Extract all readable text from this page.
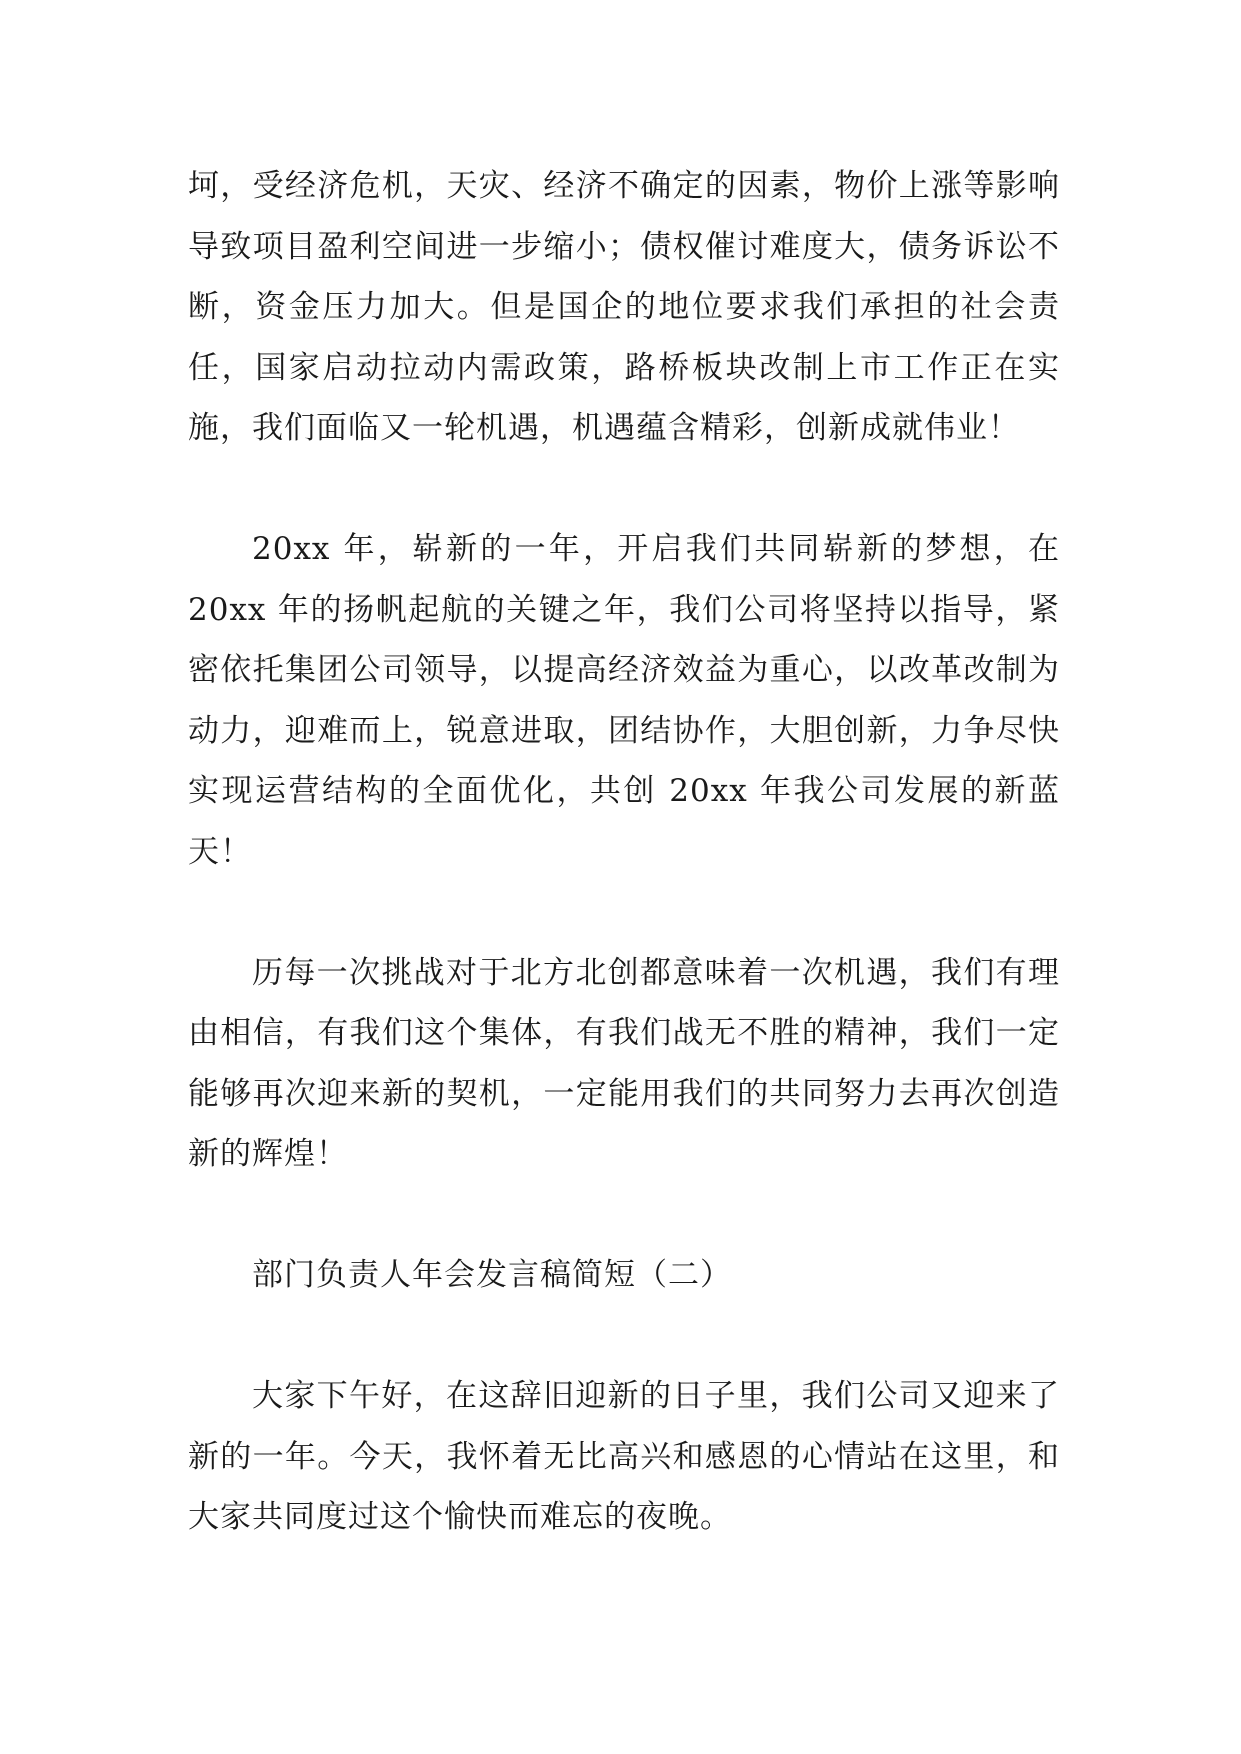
坷，受经济危机，天灾、经济不确定的因素，物价上涨等影响导致项目盈利空间进一步缩小；债权催讨难度大，债务诉讼不断，资金压力加大。但是国企的地位要求我们承担的社会责任，国家启动拉动内需政策，路桥板块改制上市工作正在实施，我们面临又一轮机遇，机遇蕴含精彩，创新成就伟业！

20xx 年，崭新的一年，开启我们共同崭新的梦想，在20xx 年的扬帆起航的关键之年，我们公司将坚持以指导，紧密依托集团公司领导，以提高经济效益为重心，以改革改制为动力，迎难而上，锐意进取，团结协作，大胆创新，力争尽快实现运营结构的全面优化，共创 20xx 年我公司发展的新蓝天！

历每一次挑战对于北方北创都意味着一次机遇，我们有理由相信，有我们这个集体，有我们战无不胜的精神，我们一定能够再次迎来新的契机，一定能用我们的共同努力去再次创造新的辉煌！

部门负责人年会发言稿简短（二）

大家下午好，在这辞旧迎新的日子里，我们公司又迎来了新的一年。今天，我怀着无比高兴和感恩的心情站在这里，和大家共同度过这个愉快而难忘的夜晚。
